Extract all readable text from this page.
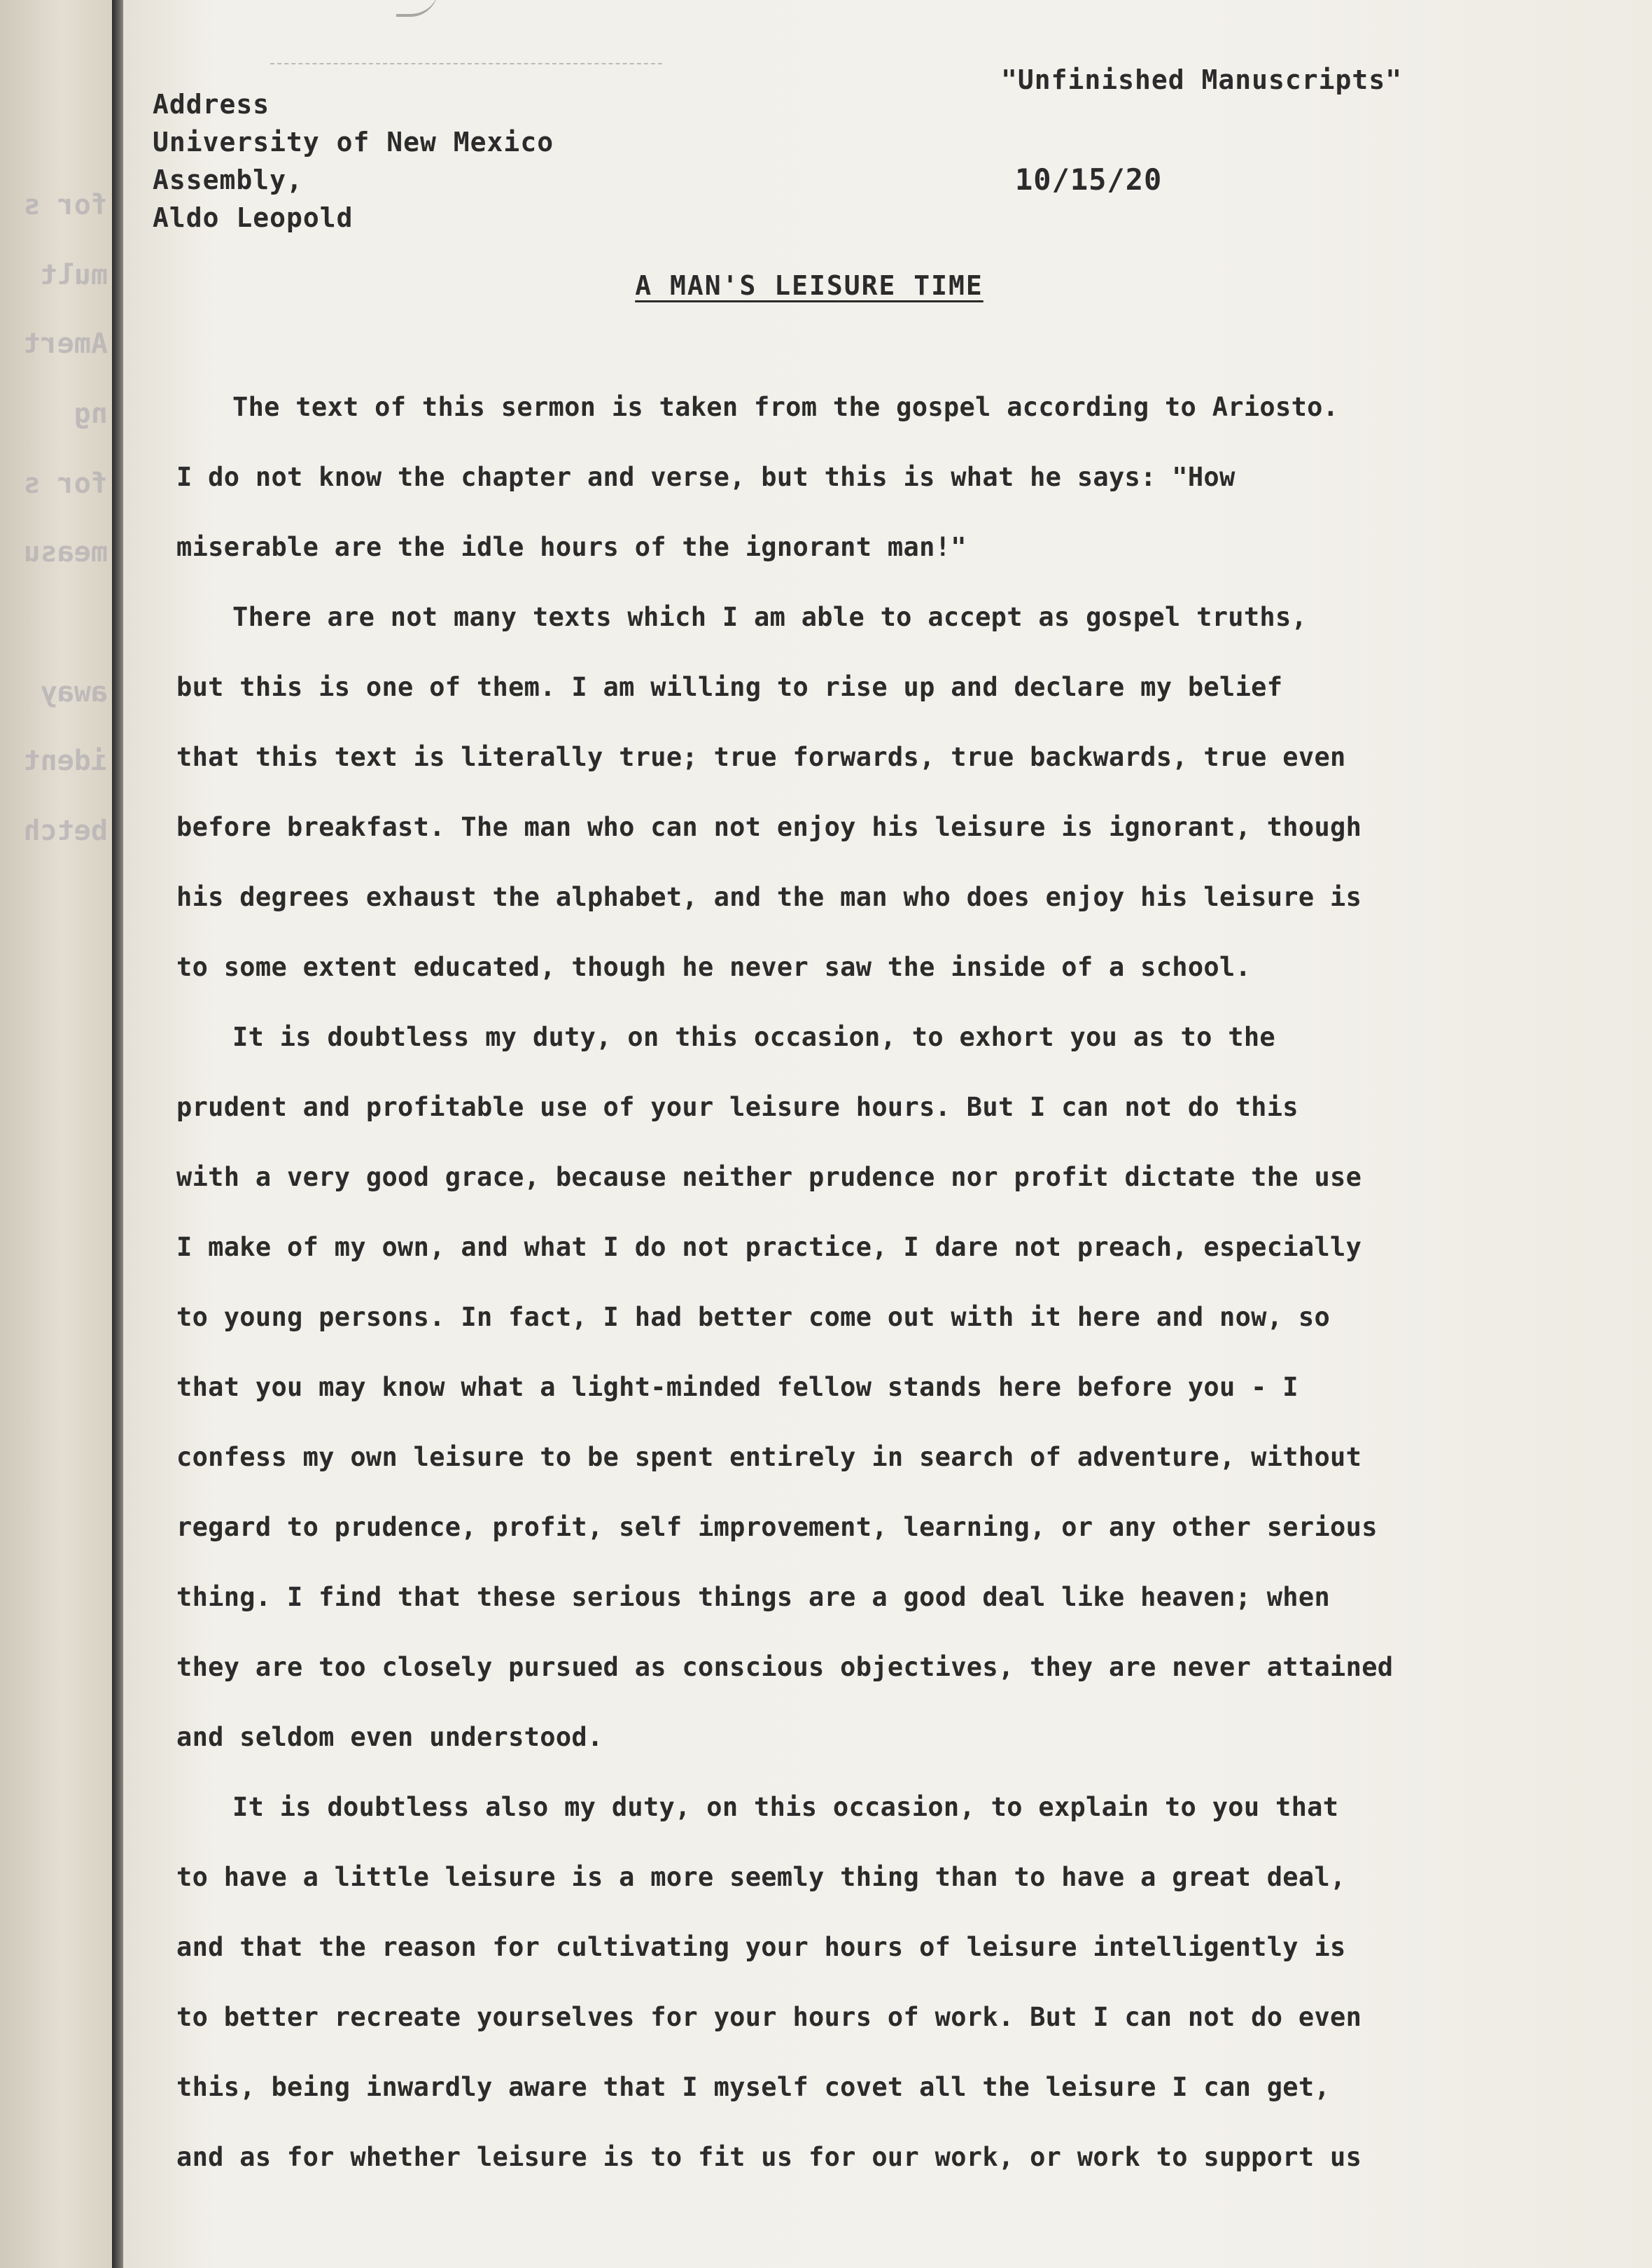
for s
mult
Amert
ng
for s
measu
away
ident
betch
"Unfinished Manuscripts"
Address
University of New Mexico
Assembly,
Aldo Leopold
10/15/20
A MAN'S LEISURE TIME
The text of this sermon is taken from the gospel according to Ariosto.
I do not know the chapter and verse, but this is what he says: "How
miserable are the idle hours of the ignorant man!"
There are not many texts which I am able to accept as gospel truths,
but this is one of them. I am willing to rise up and declare my belief
that this text is literally true; true forwards, true backwards, true even
before breakfast. The man who can not enjoy his leisure is ignorant, though
his degrees exhaust the alphabet, and the man who does enjoy his leisure is
to some extent educated, though he never saw the inside of a school.
It is doubtless my duty, on this occasion, to exhort you as to the
prudent and profitable use of your leisure hours. But I can not do this
with a very good grace, because neither prudence nor profit dictate the use
I make of my own, and what I do not practice, I dare not preach, especially
to young persons. In fact, I had better come out with it here and now, so
that you may know what a light-minded fellow stands here before you - I
confess my own leisure to be spent entirely in search of adventure, without
regard to prudence, profit, self improvement, learning, or any other serious
thing. I find that these serious things are a good deal like heaven; when
they are too closely pursued as conscious objectives, they are never attained
and seldom even understood.
It is doubtless also my duty, on this occasion, to explain to you that
to have a little leisure is a more seemly thing than to have a great deal,
and that the reason for cultivating your hours of leisure intelligently is
to better recreate yourselves for your hours of work. But I can not do even
this, being inwardly aware that I myself covet all the leisure I can get,
and as for whether leisure is to fit us for our work, or work to support us
